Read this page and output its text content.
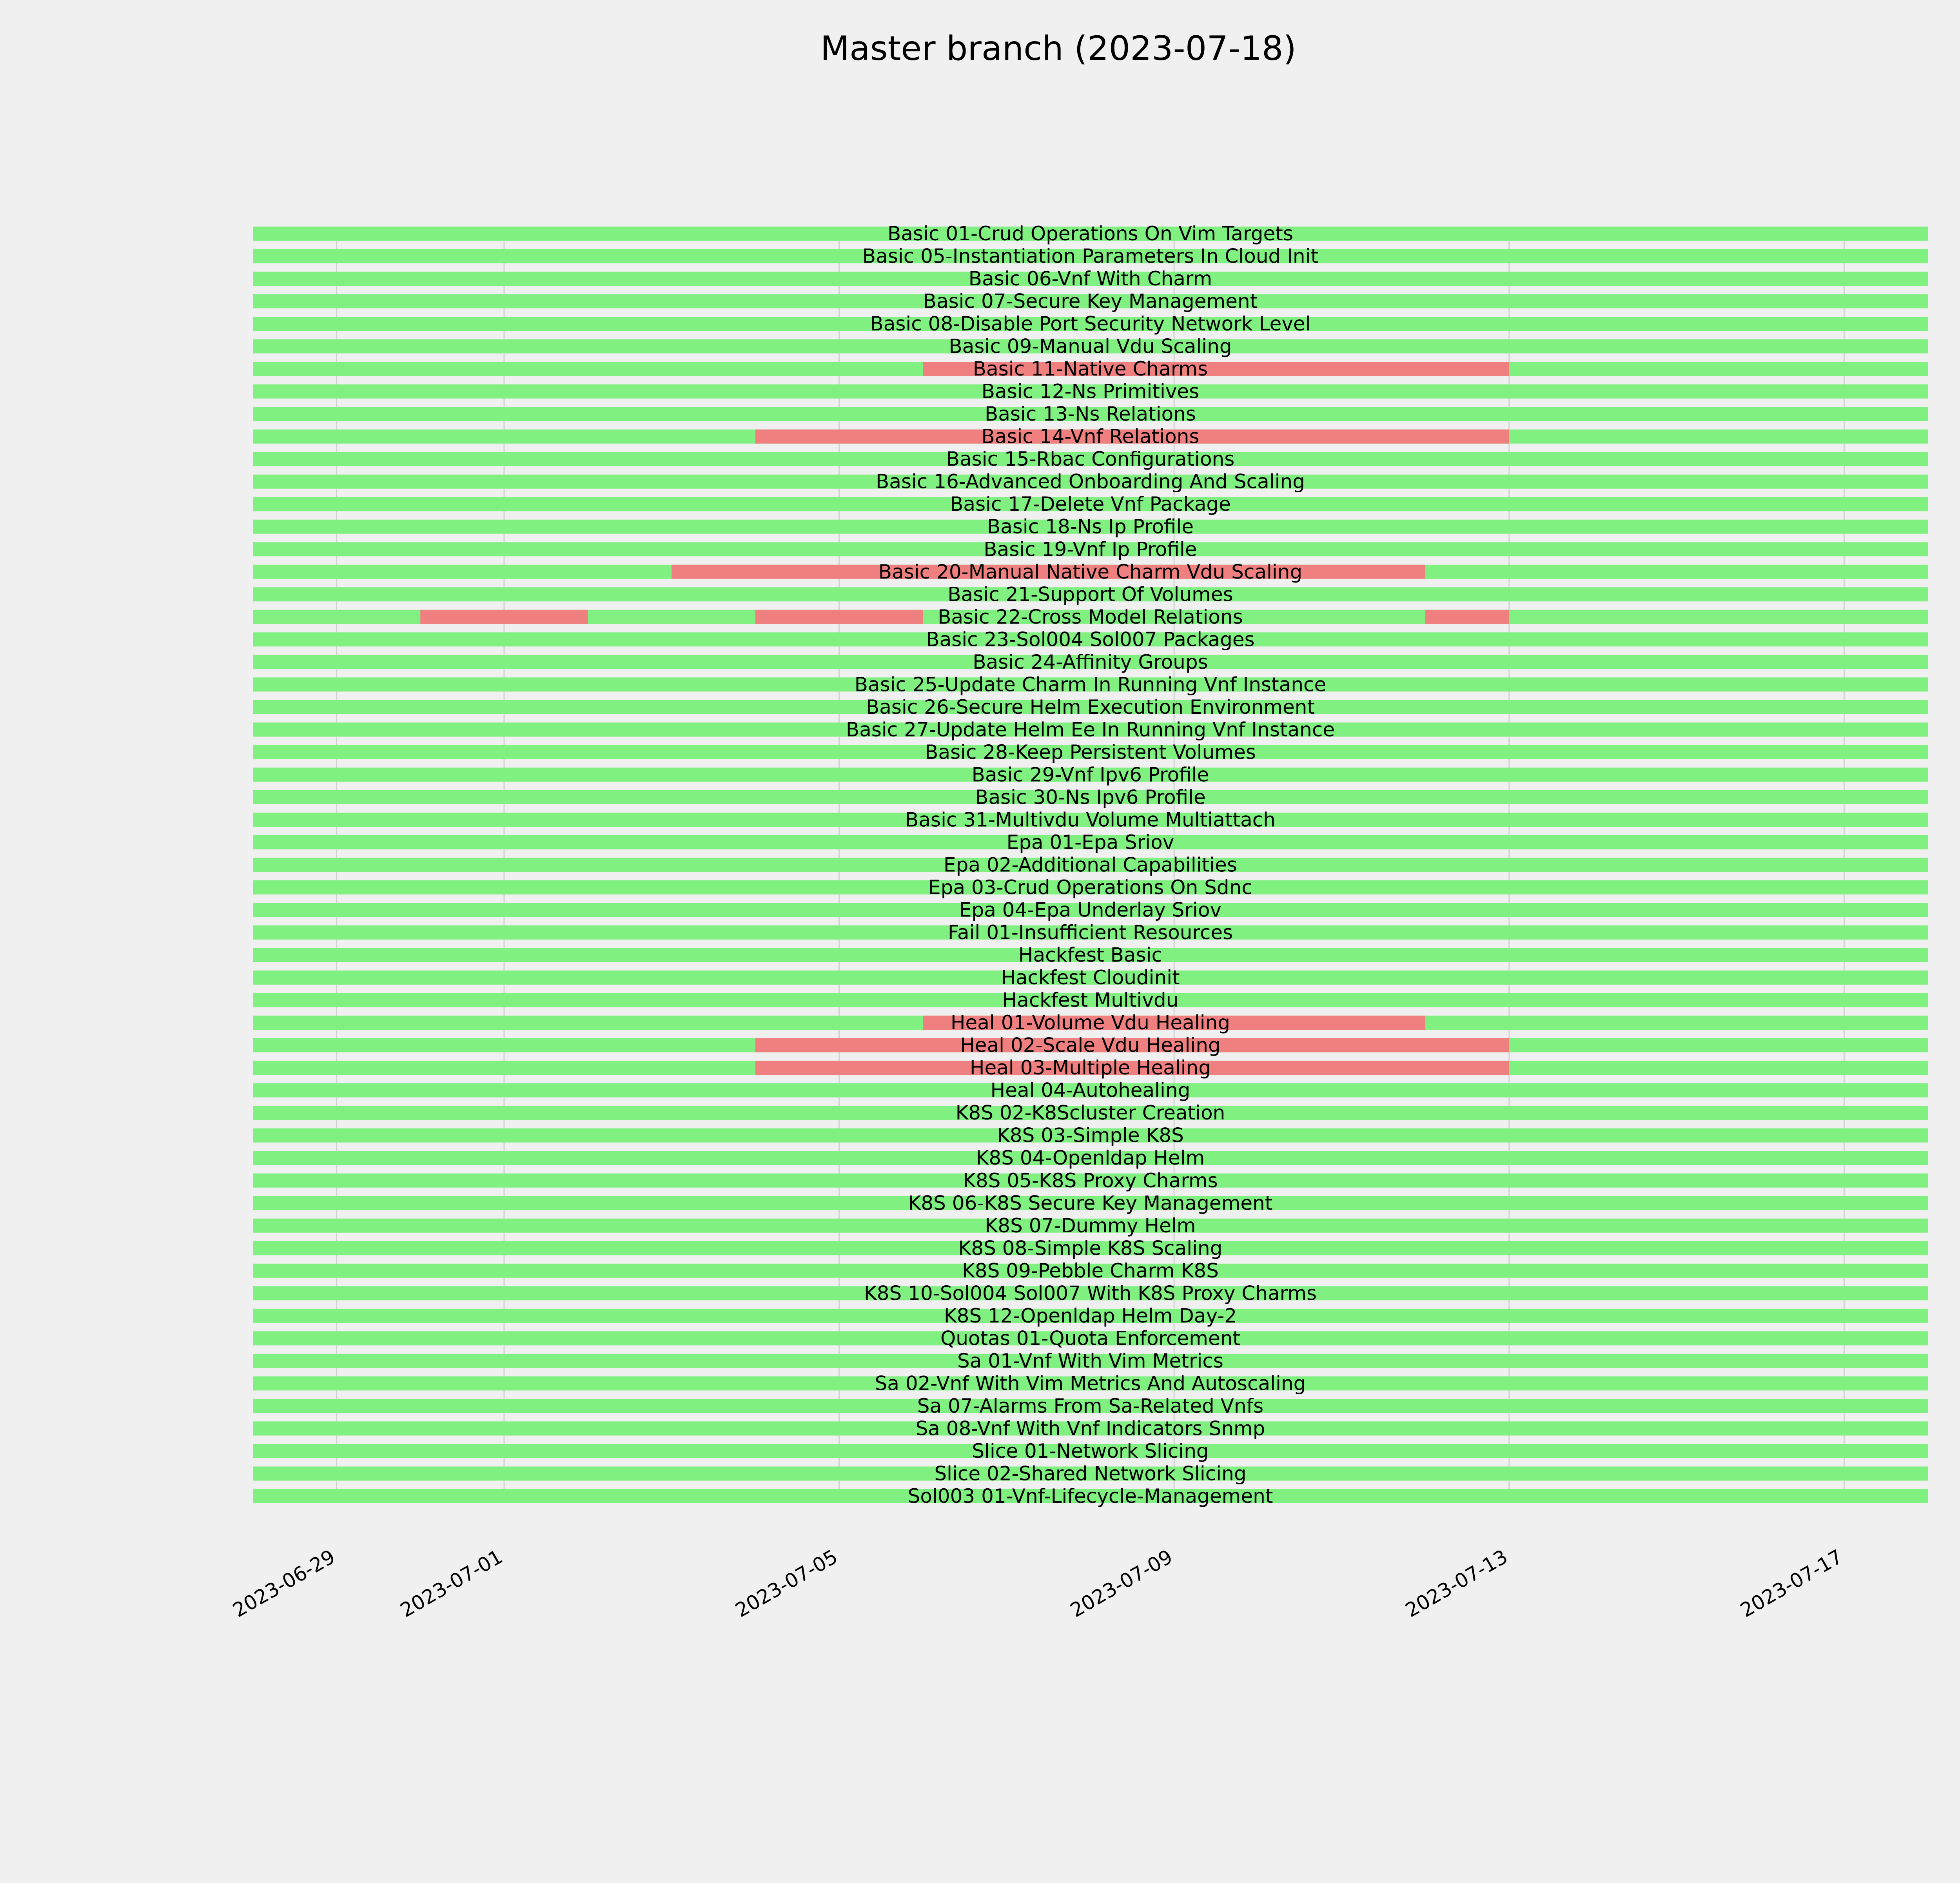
Master branch (2023-07-18)
Basic 01-Crud Operations On Vim Targets
Basic 05-Instantiation Parameters In Cloud Init
Basic 06-Vnf With Charm
Basic 07-Secure Key Management
Basic 08-Disable Port Security Network Level
Basic 09-Manual Vdu Scaling
Basic 11-Native Charms
Basic 12-Ns Primitives
Basic 13-Ns Relations
Basic 14-Vnf Relations
Basic 15-Rbac Configurations
Basic 16-Advanced Onboarding And Scaling
Basic 17-Delete Vnf Package
Basic 18-Ns Ip Profile
Basic 19-Vnf Ip Profile
Basic 20-Manual Native Charm Vdu Scaling
Basic 21-Support Of Volumes
Basic 22-Cross Model Relations
Basic 23-Sol004 Sol007 Packages
Basic 24-Affinity Groups
Basic 25-Update Charm In Running Vnf Instance
Basic 26-Secure Helm Execution Environment
Basic 27-Update Helm Ee In Running Vnf Instance
Basic 28-Keep Persistent Volumes
Basic 29-Vnf Ipv6 Profile
Basic 30-Ns Ipv6 Profile
Basic 31-Multivdu Volume Multiattach
Epa 01-Epa Sriov
Epa 02-Additional Capabilities
Epa 03-Crud Operations On Sdnc
Epa 04-Epa Underlay Sriov
Fail 01-Insufficient Resources
Hackfest Basic
Hackfest Cloudinit
Hackfest Multivdu
Heal 01-Volume Vdu Healing
Heal 02-Scale Vdu Healing
Heal 03-Multiple Healing
Heal 04-Autohealing
K8S 02-K8Scluster Creation
K8S 03-Simple K8S
K8S 04-Openldap Helm
K8S 05-K8S Proxy Charms
K8S 06-K8S Secure Key Management
K8S 07-Dummy Helm
K8S 08-Simple K8S Scaling
K8S 09-Pebble Charm K8S
K8S 10-Sol004 Sol007 With K8S Proxy Charms
K8S 12-Openldap Helm Day-2
Quotas 01-Quota Enforcement
Sa 01-Vnf With Vim Metrics
Sa 02-Vnf With Vim Metrics And Autoscaling
Sa 07-Alarms From Sa-Related Vnfs
Sa 08-Vnf With Vnf Indicators Snmp
Slice 01-Network Slicing
Slice 02-Shared Network Slicing
Sol003 01-Vnf-Lifecycle-Management
2023-06-29	2023-07-01	2023-07-05	2023-07-09	2023-07-13	2023-07-17
